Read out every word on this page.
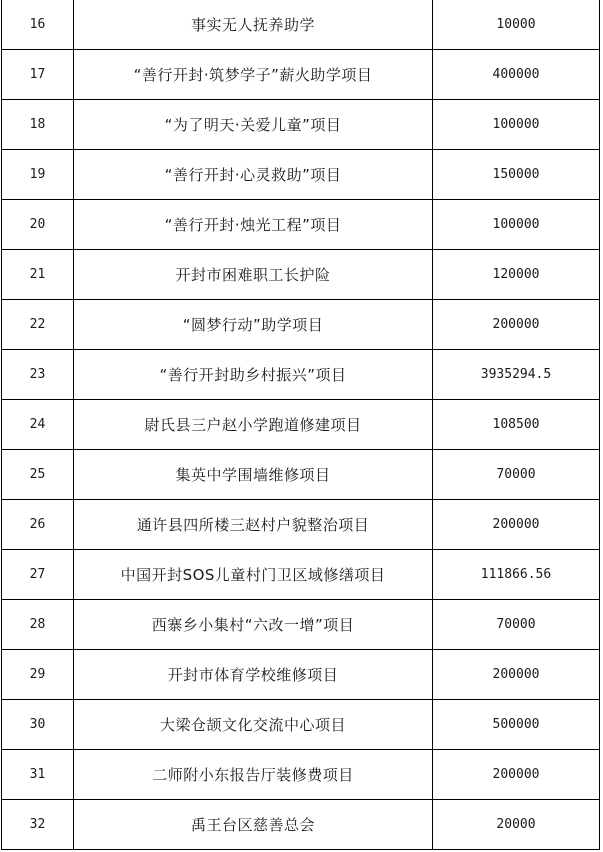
16	事实无人抚养助学	10000
17	“善行开封·筑梦学子”薪火助学项目	400000
18	“为了明天·关爱儿童”项目	100000
19	“善行开封·心灵救助”项目	150000
20	“善行开封·烛光工程”项目	100000
21	开封市困难职工长护险	120000
22	“圆梦行动”助学项目	200000
23	“善行开封助乡村振兴”项目	3935294.5
24	尉氏县三户赵小学跑道修建项目	108500
25	集英中学围墙维修项目	70000
26	通许县四所楼三赵村户貌整治项目	200000
27	中国开封SOS儿童村门卫区域修缮项目	111866.56
28	西寨乡小集村“六改一增”项目	70000
29	开封市体育学校维修项目	200000
30	大梁仓颉文化交流中心项目	500000
31	二师附小东报告厅装修费项目	200000
32	禹王台区慈善总会	20000
